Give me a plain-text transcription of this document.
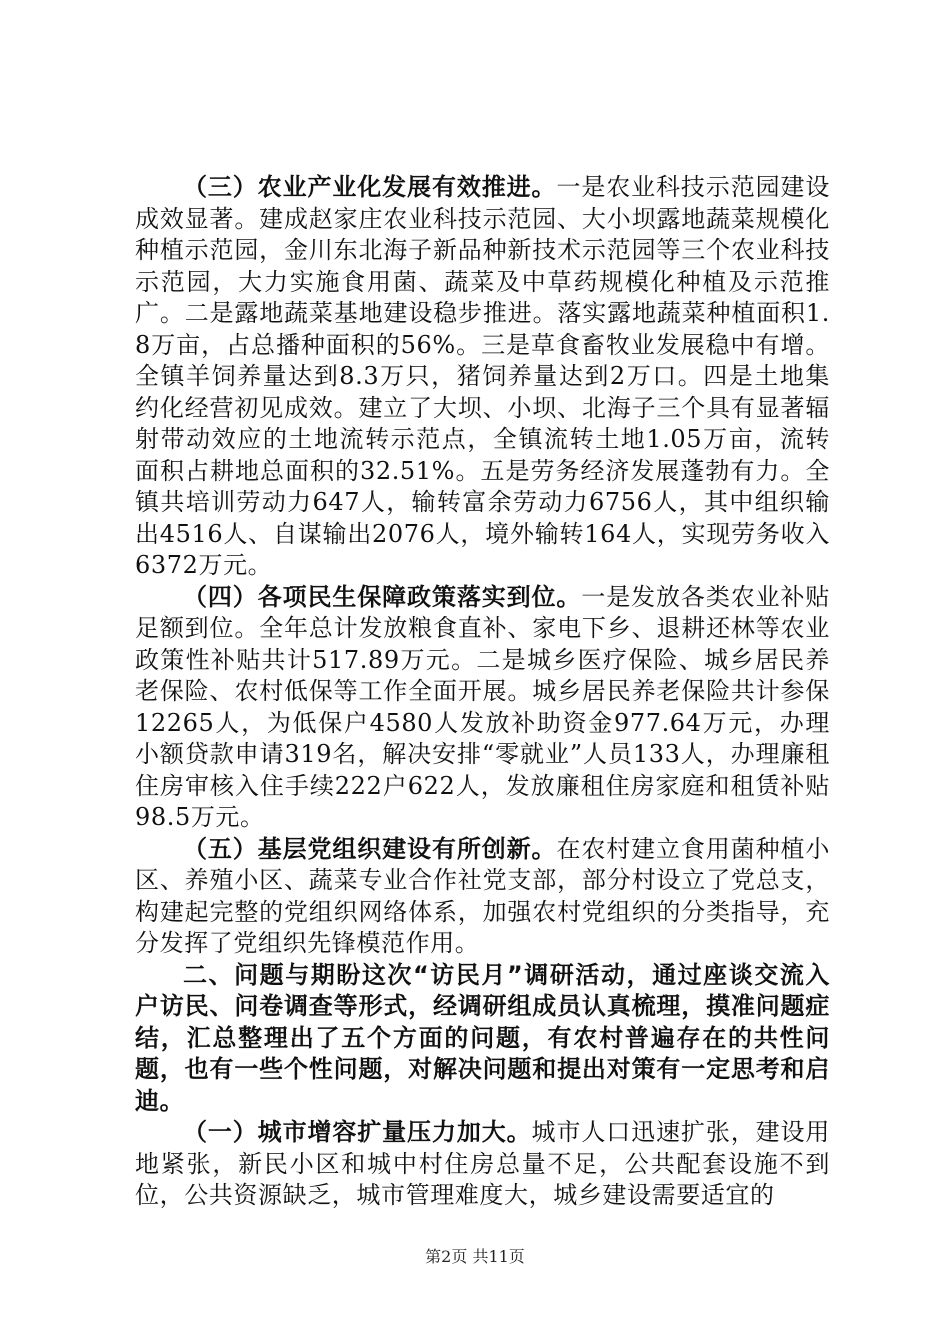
（三）农业产业化发展有效推进。一是农业科技示范园建设成效显著。建成赵家庄农业科技示范园、大小坝露地蔬菜规模化种植示范园，金川东北海子新品种新技术示范园等三个农业科技示范园，大力实施食用菌、蔬菜及中草药规模化种植及示范推广。二是露地蔬菜基地建设稳步推进。落实露地蔬菜种植面积1.8万亩，占总播种面积的56%。三是草食畜牧业发展稳中有增。全镇羊饲养量达到8.3万只，猪饲养量达到2万口。四是土地集约化经营初见成效。建立了大坝、小坝、北海子三个具有显著辐射带动效应的土地流转示范点，全镇流转土地1.05万亩，流转面积占耕地总面积的32.51%。五是劳务经济发展蓬勃有力。全镇共培训劳动力647人，输转富余劳动力6756人，其中组织输出4516人、自谋输出2076人，境外输转164人，实现劳务收入6372万元。

（四）各项民生保障政策落实到位。一是发放各类农业补贴足额到位。全年总计发放粮食直补、家电下乡、退耕还林等农业政策性补贴共计517.89万元。二是城乡医疗保险、城乡居民养老保险、农村低保等工作全面开展。城乡居民养老保险共计参保12265人，为低保户4580人发放补助资金977.64万元，办理小额贷款申请319名，解决安排“零就业”人员133人，办理廉租住房审核入住手续222户622人，发放廉租住房家庭和租赁补贴98.5万元。

（五）基层党组织建设有所创新。在农村建立食用菌种植小区、养殖小区、蔬菜专业合作社党支部，部分村设立了党总支，构建起完整的党组织网络体系，加强农村党组织的分类指导，充分发挥了党组织先锋模范作用。

二、问题与期盼这次“访民月”调研活动，通过座谈交流入户访民、问卷调查等形式，经调研组成员认真梳理，摸准问题症结，汇总整理出了五个方面的问题，有农村普遍存在的共性问题，也有一些个性问题，对解决问题和提出对策有一定思考和启迪。

（一）城市增容扩量压力加大。城市人口迅速扩张，建设用地紧张，新民小区和城中村住房总量不足，公共配套设施不到位，公共资源缺乏，城市管理难度大，城乡建设需要适宜的

第2页 共11页
